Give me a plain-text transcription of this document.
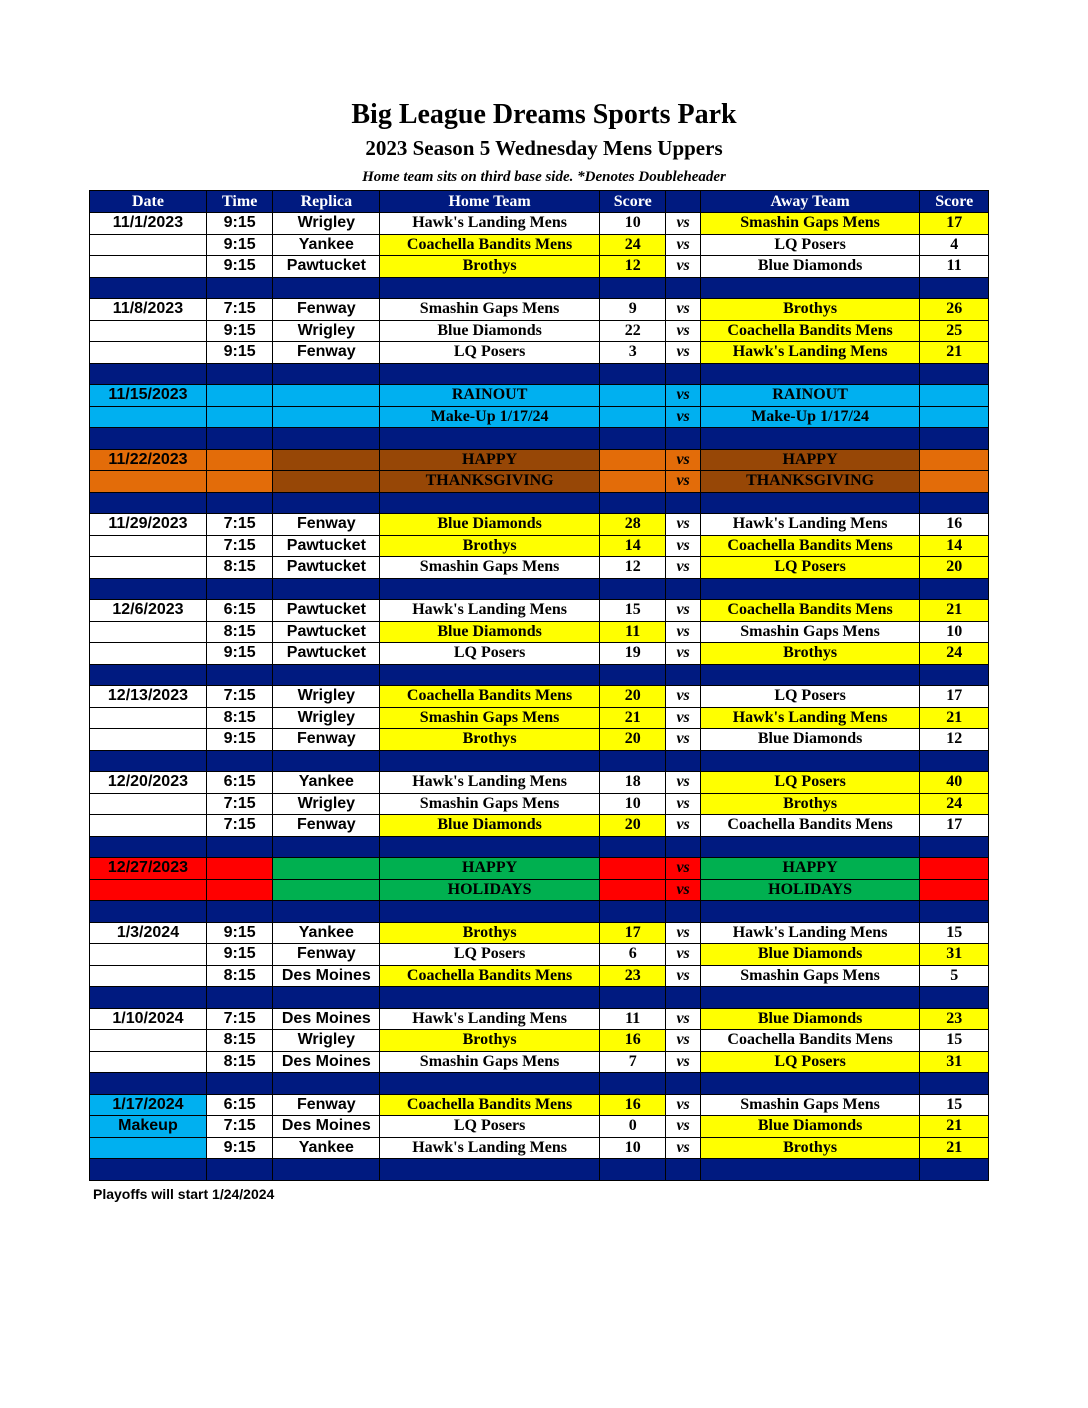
Big League Dreams Sports Park
2023 Season 5 Wednesday Mens Uppers
Home team sits on third base side. *Denotes Doubleheader
Date	Time	Replica	Home Team	Score		Away Team	Score
11/1/2023	9:15	Wrigley	Hawk's Landing Mens	10	vs	Smashin Gaps Mens	17
	9:15	Yankee	Coachella Bandits Mens	24	vs	LQ Posers	4
	9:15	Pawtucket	Brothys	12	vs	Blue Diamonds	11

11/8/2023	7:15	Fenway	Smashin Gaps Mens	9	vs	Brothys	26
	9:15	Wrigley	Blue Diamonds	22	vs	Coachella Bandits Mens	25
	9:15	Fenway	LQ Posers	3	vs	Hawk's Landing Mens	21

11/15/2023			RAINOUT		vs	RAINOUT	
			Make-Up 1/17/24		vs	Make-Up 1/17/24	

11/22/2023			HAPPY		vs	HAPPY	
			THANKSGIVING		vs	THANKSGIVING	

11/29/2023	7:15	Fenway	Blue Diamonds	28	vs	Hawk's Landing Mens	16
	7:15	Pawtucket	Brothys	14	vs	Coachella Bandits Mens	14
	8:15	Pawtucket	Smashin Gaps Mens	12	vs	LQ Posers	20

12/6/2023	6:15	Pawtucket	Hawk's Landing Mens	15	vs	Coachella Bandits Mens	21
	8:15	Pawtucket	Blue Diamonds	11	vs	Smashin Gaps Mens	10
	9:15	Pawtucket	LQ Posers	19	vs	Brothys	24

12/13/2023	7:15	Wrigley	Coachella Bandits Mens	20	vs	LQ Posers	17
	8:15	Wrigley	Smashin Gaps Mens	21	vs	Hawk's Landing Mens	21
	9:15	Fenway	Brothys	20	vs	Blue Diamonds	12

12/20/2023	6:15	Yankee	Hawk's Landing Mens	18	vs	LQ Posers	40
	7:15	Wrigley	Smashin Gaps Mens	10	vs	Brothys	24
	7:15	Fenway	Blue Diamonds	20	vs	Coachella Bandits Mens	17

12/27/2023			HAPPY		vs	HAPPY	
			HOLIDAYS		vs	HOLIDAYS	

1/3/2024	9:15	Yankee	Brothys	17	vs	Hawk's Landing Mens	15
	9:15	Fenway	LQ Posers	6	vs	Blue Diamonds	31
	8:15	Des Moines	Coachella Bandits Mens	23	vs	Smashin Gaps Mens	5

1/10/2024	7:15	Des Moines	Hawk's Landing Mens	11	vs	Blue Diamonds	23
	8:15	Wrigley	Brothys	16	vs	Coachella Bandits Mens	15
	8:15	Des Moines	Smashin Gaps Mens	7	vs	LQ Posers	31

1/17/2024	6:15	Fenway	Coachella Bandits Mens	16	vs	Smashin Gaps Mens	15
Makeup	7:15	Des Moines	LQ Posers	0	vs	Blue Diamonds	21
	9:15	Yankee	Hawk's Landing Mens	10	vs	Brothys	21

Playoffs will start 1/24/2024
